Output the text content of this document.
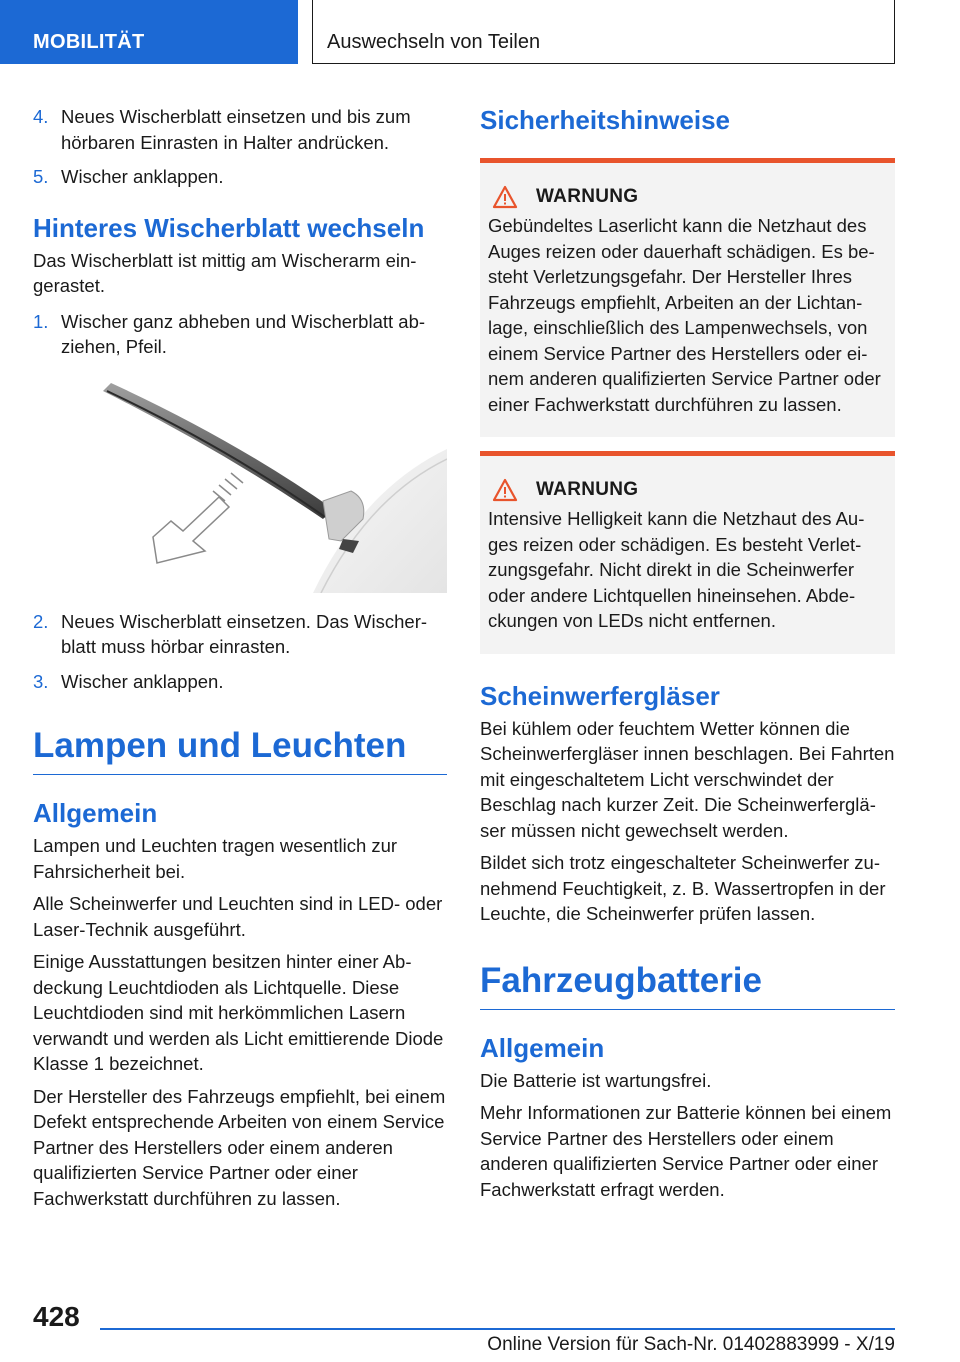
MOBILITÄT	Auswechseln von Teilen
4. Neues Wischerblatt einsetzen und bis zum hörbaren Einrasten in Halter andrücken.
5. Wischer anklappen.
Hinteres Wischerblatt wechseln

Das Wischerblatt ist mittig am Wischerarm eingerastet.

1. Wischer ganz abheben und Wischerblatt abziehen, Pfeil.
2. Neues Wischerblatt einsetzen. Das Wischerblatt muss hörbar einrasten.
3. Wischer anklappen.
Lampen und Leuchten
Allgemein

Lampen und Leuchten tragen wesentlich zur Fahrsicherheit bei.

Alle Scheinwerfer und Leuchten sind in LED- oder Laser-Technik ausgeführt.

Einige Ausstattungen besitzen hinter einer Abdeckung Leuchtdioden als Lichtquelle. Diese Leuchtdioden sind mit herkömmlichen Lasern verwandt und werden als Licht emittierende Diode Klasse 1 bezeichnet.

Der Hersteller des Fahrzeugs empfiehlt, bei einem Defekt entsprechende Arbeiten von einem Service Partner des Herstellers oder einem anderen qualifizierten Service Partner oder einer Fachwerkstatt durchführen zu lassen.

Sicherheitshinweise
WARNUNG

Gebündeltes Laserlicht kann die Netzhaut des Auges reizen oder dauerhaft schädigen. Es besteht Verletzungsgefahr. Der Hersteller Ihres Fahrzeugs empfiehlt, Arbeiten an der Lichtanlage, einschließlich des Lampenwechsels, von einem Service Partner des Herstellers oder einem anderen qualifizierten Service Partner oder einer Fachwerkstatt durchführen zu lassen.

WARNUNG

Intensive Helligkeit kann die Netzhaut des Auges reizen oder schädigen. Es besteht Verletzungsgefahr. Nicht direkt in die Scheinwerfer oder andere Lichtquellen hineinsehen. Abdeckungen von LEDs nicht entfernen.

Scheinwerfergläser

Bei kühlem oder feuchtem Wetter können die Scheinwerfergläser innen beschlagen. Bei Fahrten mit eingeschaltetem Licht verschwindet der Beschlag nach kurzer Zeit. Die Scheinwerfergläser müssen nicht gewechselt werden.

Bildet sich trotz eingeschalteter Scheinwerfer zunehmend Feuchtigkeit, z. B. Wassertropfen in der Leuchte, die Scheinwerfer prüfen lassen.

Fahrzeugbatterie
Allgemein

Die Batterie ist wartungsfrei.

Mehr Informationen zur Batterie können bei einem Service Partner des Herstellers oder einem anderen qualifizierten Service Partner oder einer Fachwerkstatt erfragt werden.

428
Online Version für Sach-Nr. 01402883999 - X/19
